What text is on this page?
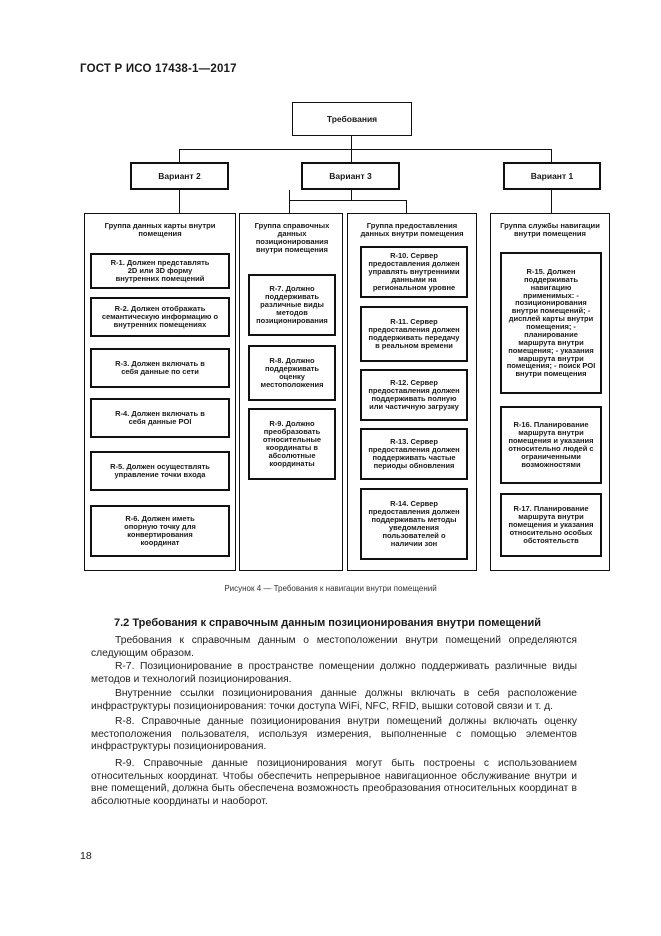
ГОСТ Р ИСО 17438-1—2017
Требования
Вариант 2	Вариант 3	Вариант 1
Группа данных карты внутри помещения
R-1. Должен представлять 2D или 3D форму внутренних помещений
R-2. Должен отображать семантическую информацию о внутренних помещениях
R-3. Должен включать в себя данные по сети
R-4. Должен включать в себя данные POI
R-5. Должен осуществлять управление точки входа
R-6. Должен иметь опорную точку для конвертирования координат
Группа справочных данных позиционирования внутри помещения
R-7. Должно поддерживать различные виды методов позиционирования
R-8. Должно поддерживать оценку местоположения
R-9. Должно преобразовать относительные координаты в абсолютные координаты
Группа предоставления данных внутри помещения
R-10. Сервер предоставления должен управлять внутренними данными на региональном уровне
R-11. Сервер предоставления должен поддерживать передачу в реальном времени
R-12. Сервер предоставления должен поддерживать полную или частичную загрузку
R-13. Сервер предоставления должен поддерживать частые периоды обновления
R-14. Сервер предоставления должен поддерживать методы уведомления пользователей о наличии зон
Группа службы навигации внутри помещения
R-15. Должен поддерживать навигацию применимых: - позиционирования внутри помещений; - дисплей карты внутри помещения; - планирование маршрута внутри помещения; - указания маршрута внутри помещения; - поиск POI внутри помещения
R-16. Планирование маршрута внутри помещения и указания относительно людей с ограниченными возможностями
R-17. Планирование маршрута внутри помещения и указания относительно особых обстоятельств
Рисунок 4 — Требования к навигации внутри помещений
7.2 Требования к справочным данным позиционирования внутри помещений

Требования к справочным данным о местоположении внутри помещений определяются следующим образом.

R-7. Позиционирование в пространстве помещении должно поддерживать различные виды методов и технологий позиционирования.

Внутренние ссылки позиционирования данные должны включать в себя расположение инфраструктуры позиционирования: точки доступа WiFi, NFC, RFID, вышки сотовой связи и т. д.

R-8. Справочные данные позиционирования внутри помещений должны включать оценку местоположения пользователя, используя измерения, выполненные с помощью элементов инфраструктуры позиционирования.

R-9. Справочные данные позиционирования могут быть построены с использованием относительных координат. Чтобы обеспечить непрерывное навигационное обслуживание внутри и вне помещений, должна быть обеспечена возможность преобразования относительных координат в абсолютные координаты и наоборот.

18
